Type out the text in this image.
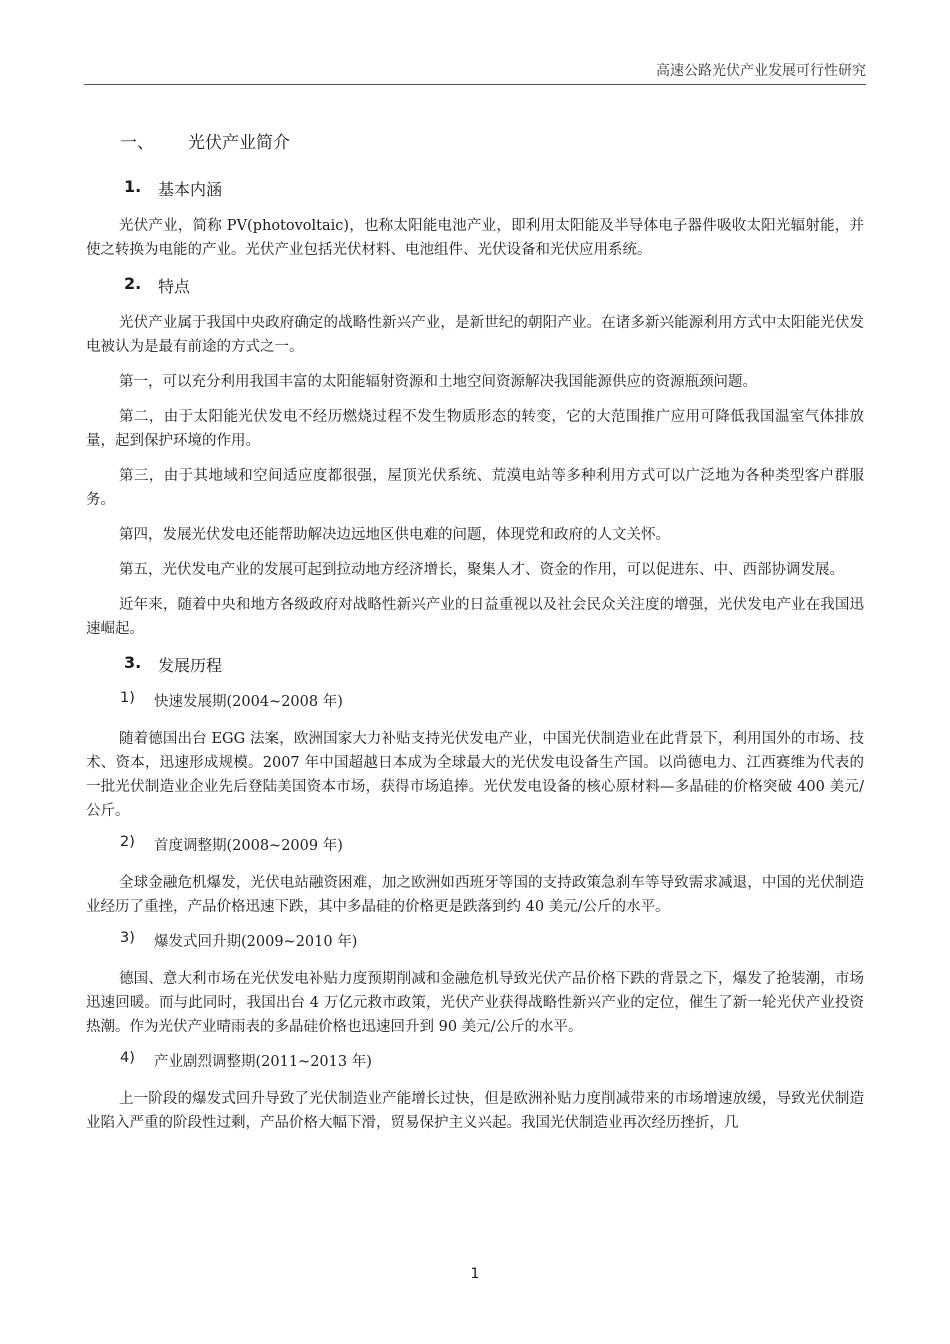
高速公路光伏产业发展可行性研究
一、	光伏产业简介
1.	基本内涵

光伏产业，简称 PV(photovoltaic)，也称太阳能电池产业，即利用太阳能及半导体电子器件吸收太阳光辐射能，并使之转换为电能的产业。光伏产业包括光伏材料、电池组件、光伏设备和光伏应用系统。

2.	特点

光伏产业属于我国中央政府确定的战略性新兴产业，是新世纪的朝阳产业。在诸多新兴能源利用方式中太阳能光伏发电被认为是最有前途的方式之一。

第一，可以充分利用我国丰富的太阳能辐射资源和土地空间资源解决我国能源供应的资源瓶颈问题。

第二，由于太阳能光伏发电不经历燃烧过程不发生物质形态的转变，它的大范围推广应用可降低我国温室气体排放量，起到保护环境的作用。

第三，由于其地域和空间适应度都很强，屋顶光伏系统、荒漠电站等多种利用方式可以广泛地为各种类型客户群服务。

第四，发展光伏发电还能帮助解决边远地区供电难的问题，体现党和政府的人文关怀。

第五，光伏发电产业的发展可起到拉动地方经济增长，聚集人才、资金的作用，可以促进东、中、西部协调发展。

近年来，随着中央和地方各级政府对战略性新兴产业的日益重视以及社会民众关注度的增强，光伏发电产业在我国迅速崛起。

3.	发展历程
1)	快速发展期(2004~2008 年)

随着德国出台 EGG 法案，欧洲国家大力补贴支持光伏发电产业，中国光伏制造业在此背景下，利用国外的市场、技术、资本，迅速形成规模。2007 年中国超越日本成为全球最大的光伏发电设备生产国。以尚德电力、江西赛维为代表的一批光伏制造业企业先后登陆美国资本市场，获得市场追捧。光伏发电设备的核心原材料—多晶硅的价格突破 400 美元/公斤。

2)	首度调整期(2008~2009 年)

全球金融危机爆发，光伏电站融资困难，加之欧洲如西班牙等国的支持政策急刹车等导致需求减退，中国的光伏制造业经历了重挫，产品价格迅速下跌，其中多晶硅的价格更是跌落到约 40 美元/公斤的水平。

3)	爆发式回升期(2009~2010 年)

德国、意大利市场在光伏发电补贴力度预期削减和金融危机导致光伏产品价格下跌的背景之下，爆发了抢装潮，市场迅速回暖。而与此同时，我国出台 4 万亿元救市政策，光伏产业获得战略性新兴产业的定位，催生了新一轮光伏产业投资热潮。作为光伏产业晴雨表的多晶硅价格也迅速回升到 90 美元/公斤的水平。

4)	产业剧烈调整期(2011~2013 年)

上一阶段的爆发式回升导致了光伏制造业产能增长过快，但是欧洲补贴力度削减带来的市场增速放缓，导致光伏制造业陷入严重的阶段性过剩，产品价格大幅下滑，贸易保护主义兴起。我国光伏制造业再次经历挫折，几

1
